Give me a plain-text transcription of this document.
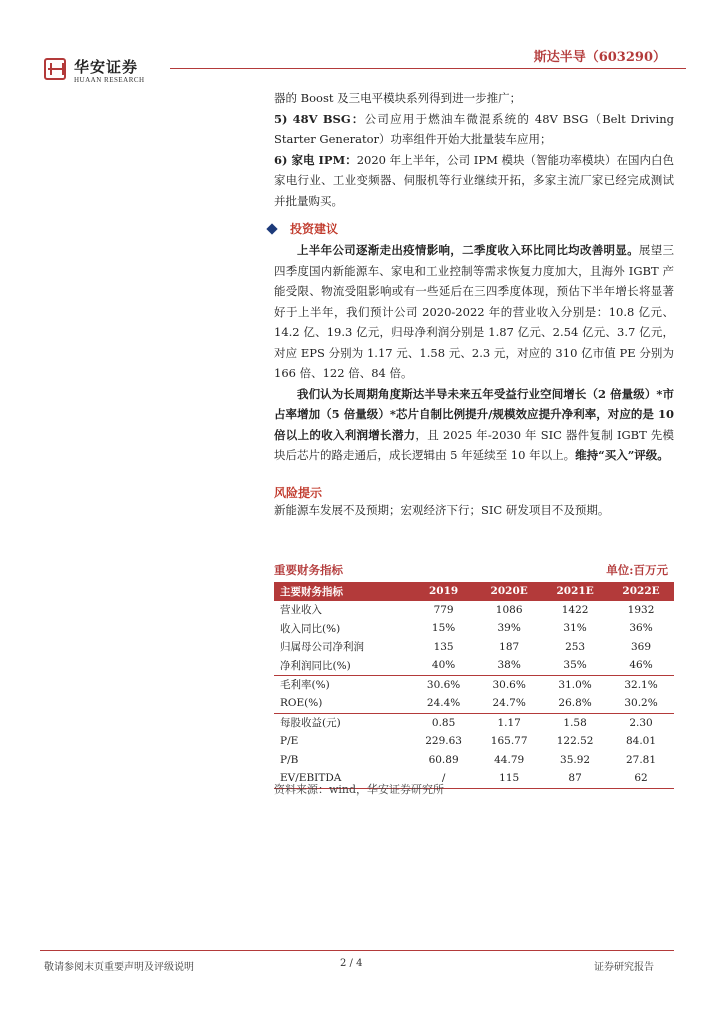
华安证券
HUAAN RESEARCH
斯达半导（603290）

器的 Boost 及三电平模块系列得到进一步推广；

5) 48V BSG：公司应用于燃油车微混系统的 48V BSG（Belt Driving Starter Generator）功率组件开始大批量装车应用；

6) 家电 IPM：2020 年上半年，公司 IPM 模块（智能功率模块）在国内白色家电行业、工业变频器、伺服机等行业继续开拓，多家主流厂家已经完成测试并批量购买。

投资建议

上半年公司逐渐走出疫情影响，二季度收入环比同比均改善明显。展望三四季度国内新能源车、家电和工业控制等需求恢复力度加大，且海外 IGBT 产能受限、物流受阻影响或有一些延后在三四季度体现，预估下半年增长将显著好于上半年，我们预计公司 2020-2022 年的营业收入分别是：10.8 亿元、14.2 亿、19.3 亿元，归母净利润分别是 1.87 亿元、2.54 亿元、3.7 亿元，对应 EPS 分别为 1.17 元、1.58 元、2.3 元，对应的 310 亿市值 PE 分别为 166 倍、122 倍、84 倍。

我们认为长周期角度斯达半导未来五年受益行业空间增长（2 倍量级）*市占率增加（5 倍量级）*芯片自制比例提升/规模效应提升净利率，对应的是 10 倍以上的收入利润增长潜力，且 2025 年-2030 年 SIC 器件复制 IGBT 先模块后芯片的路走通后，成长逻辑由 5 年延续至 10 年以上。维持“买入”评级。

风险提示

新能源车发展不及预期；宏观经济下行；SIC 研发项目不及预期。

重要财务指标	单位:百万元
主要财务指标	2019	2020E	2021E	2022E
营业收入	779	1086	1422	1932
收入同比(%)	15%	39%	31%	36%
归属母公司净利润	135	187	253	369
净利润同比(%)	40%	38%	35%	46%
毛利率(%)	30.6%	30.6%	31.0%	32.1%
ROE(%)	24.4%	24.7%	26.8%	30.2%
每股收益(元)	0.85	1.17	1.58	2.30
P/E	229.63	165.77	122.52	84.01
P/B	60.89	44.79	35.92	27.81
EV/EBITDA	/	115	87	62
资料来源：wind，华安证券研究所
敬请参阅末页重要声明及评级说明	2 / 4	证券研究报告
